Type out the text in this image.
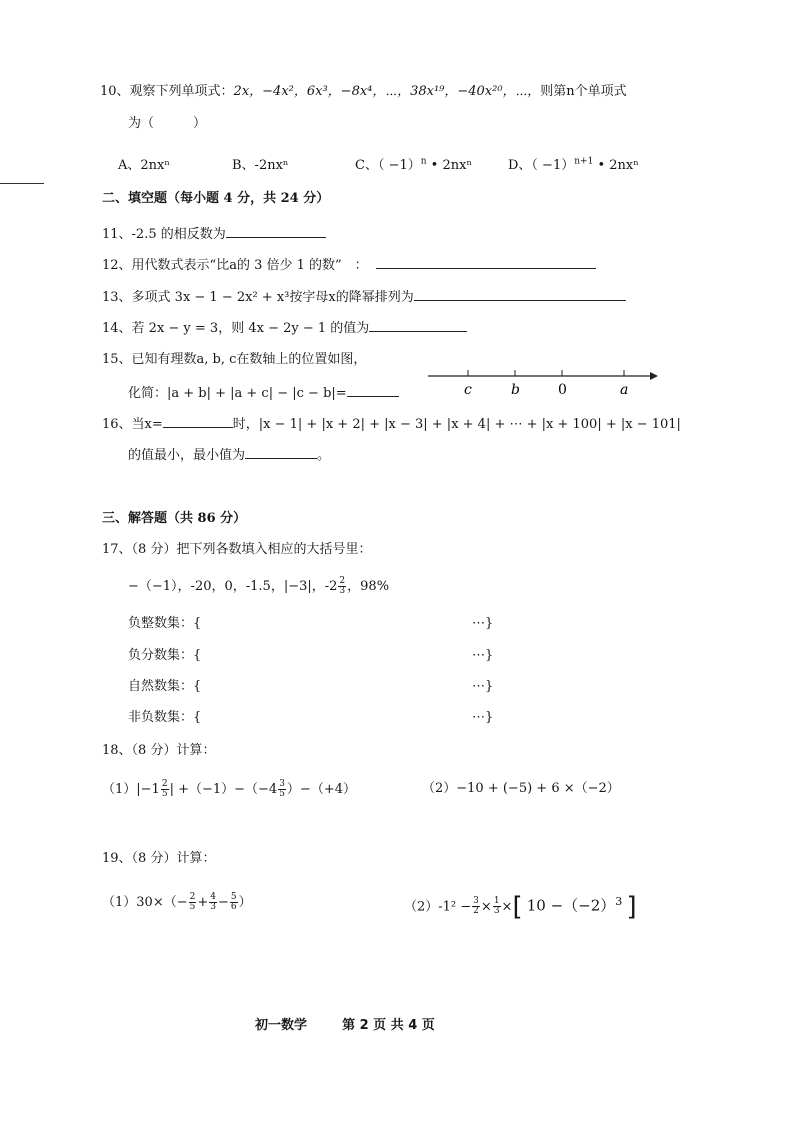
10、观察下列单项式：2x，−4x²，6x³，−8x⁴，⋯，38x¹⁹，−40x²⁰，⋯，则第n个单项式
为（　　　）
A、2nxⁿ	B、-2nxⁿ	C、（ −1）$^n$ • 2nxⁿ	D、（ −1）$^{n+1}$ • 2nxⁿ
二、填空题（每小题 4 分，共 24 分）
11、-2.5 的相反数为
12、用代数式表示“比a的 3 倍少 1 的数”　：
13、多项式 3x − 1 − 2x² + x³按字母x的降幂排列为
14、若 2x − y = 3，则 4x − 2y − 1 的值为
15、已知有理数a, b, c在数轴上的位置如图，
化简：|a + b| + |a + c| − |c − b|=	c	b	0	a
16、当x=	时，|x − 1| + |x + 2| + |x − 3| + |x + 4| + ⋯ + |x + 100| + |x − 101|
的值最小，最小值为	。
三、解答题（共 86 分）
17、（8 分）把下列各数填入相应的大括号里：
−（−1），-20，0，-1.5，|−3|，$-2 \frac{2}{3}$ ，98%
负整数集：{	⋯}
负分数集：{	⋯}
自然数集：{	⋯}
非负数集：{	⋯}
18、（8 分）计算：
$(1)|-1 \frac{2}{5}$ | $+(-1)-(-4 \frac{3}{5} )-(+4)$	（2）−10 + (−5) + 6 ×（−2）
19、（8 分）计算：
$(1)30\times(- \frac{2}{5} + \frac{4}{3} - \frac{5}{6}$ ）	$(2)-1^2 - \frac{3}{2} \times \frac{1}{3}$ ×[ $10 -(-2)^3$ ]
初一数学	第 2 页 共 4 页
